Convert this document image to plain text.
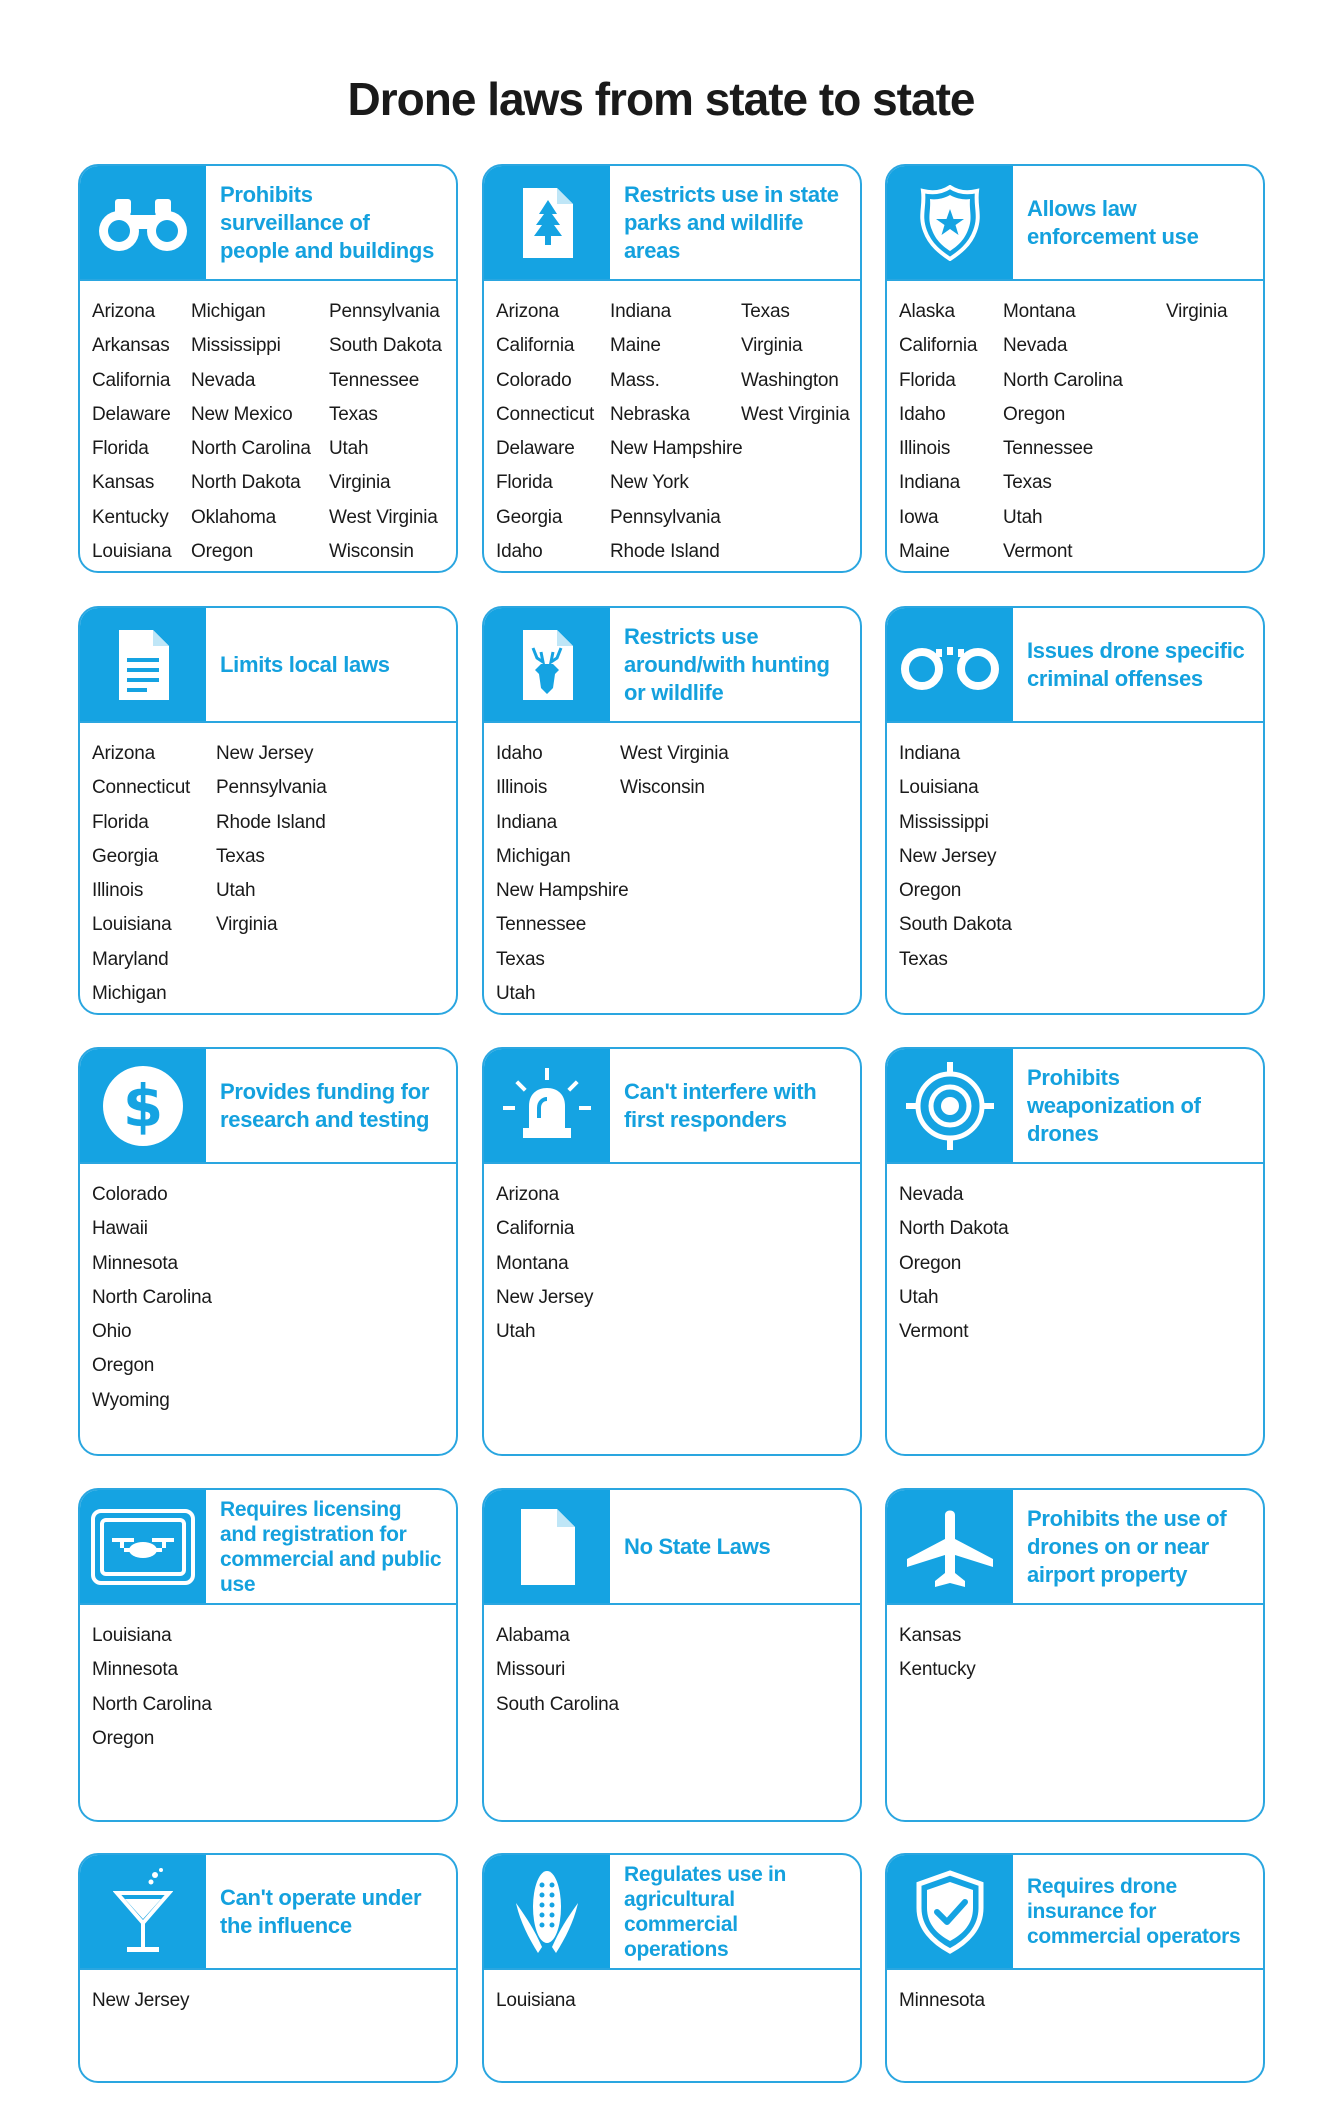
Drone laws from state to state
Prohibits surveillance of people and buildings
Arizona
Arkansas
California
Delaware
Florida
Kansas
Kentucky
Louisiana
Michigan
Mississippi
Nevada
New Mexico
North Carolina
North Dakota
Oklahoma
Oregon
Pennsylvania
South Dakota
Tennessee
Texas
Utah
Virginia
West Virginia
Wisconsin
Restricts use in state parks and wildlife areas
Arizona
California
Colorado
Connecticut
Delaware
Florida
Georgia
Idaho
Indiana
Maine
Mass.
Nebraska
New Hampshire
New York
Pennsylvania
Rhode Island
Texas
Virginia
Washington
West Virginia
Allows law enforcement use
Alaska
California
Florida
Idaho
Illinois
Indiana
Iowa
Maine
Montana
Nevada
North Carolina
Oregon
Tennessee
Texas
Utah
Vermont
Virginia
Limits local laws
Arizona
Connecticut
Florida
Georgia
Illinois
Louisiana
Maryland
Michigan
New Jersey
Pennsylvania
Rhode Island
Texas
Utah
Virginia
Restricts use around/with hunting or wildlife
Idaho
Illinois
Indiana
Michigan
New Hampshire
Tennessee
Texas
Utah
West Virginia
Wisconsin
Issues drone specific criminal offenses
Indiana
Louisiana
Mississippi
New Jersey
Oregon
South Dakota
Texas
$	Provides funding for research and testing
Colorado
Hawaii
Minnesota
North Carolina
Ohio
Oregon
Wyoming
Can't interfere with first responders
Arizona
California
Montana
New Jersey
Utah
Prohibits weaponization of drones
Nevada
North Dakota
Oregon
Utah
Vermont
Requires licensing and registration for commercial and public use
Louisiana
Minnesota
North Carolina
Oregon
No State Laws
Alabama
Missouri
South Carolina
Prohibits the use of drones on or near airport property
Kansas
Kentucky
Can't operate under the influence
New Jersey
Regulates use in agricultural commercial operations
Louisiana
Requires drone insurance for commercial operators
Minnesota
